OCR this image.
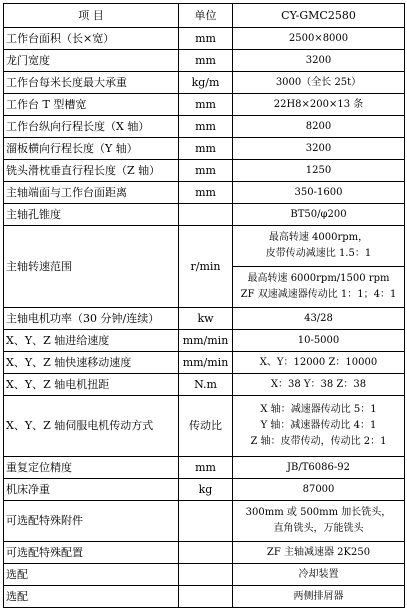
项 目	单位	CY-GMC2580
工作台面积（长×宽）	mm	2500×8000
龙门宽度	mm	3200
工作台每米长度最大承重	kg/m	3000（全长 25t）
工作台 T 型槽宽	mm	22H8×200×13 条
工作台纵向行程长度（X 轴）	mm	8200
溜板横向行程长度（Y 轴）	mm	3200
铣头滑枕垂直行程长度（Z 轴）	mm	1250
主轴端面与工作台面距离	mm	350-1600
主轴孔锥度		BT50/φ200
主轴转速范围	r/min	最高转速 4000rpm，
皮带传动减速比 1.5：1

		最高转速 6000rpm/1500 rpm
ZF 双速减速器传动比 1：1；4：1

主轴电机功率（30 分钟/连续）	kw	43/28
X、Y、Z 轴进给速度	mm/min	10-5000
X、Y、Z 轴快速移动速度	mm/min	X、Y：12000 Z：10000
X、Y、Z 轴电机扭距	N.m	X：38 Y：38 Z：38
X、Y、Z 轴伺服电机传动方式	传动比	X 轴：减速器传动比 5：1
Y 轴：减速器传动比 4：1
Z 轴：皮带传动，传动比 2：1

重复定位精度	mm	JB/T6086-92
机床净重	kg	87000
可选配特殊附件		300mm 或 500mm 加长铣头，
直角铣头，万能铣头

可选配特殊配置		ZF 主轴减速器 2K250
选配		冷却装置
选配		两侧排屑器
